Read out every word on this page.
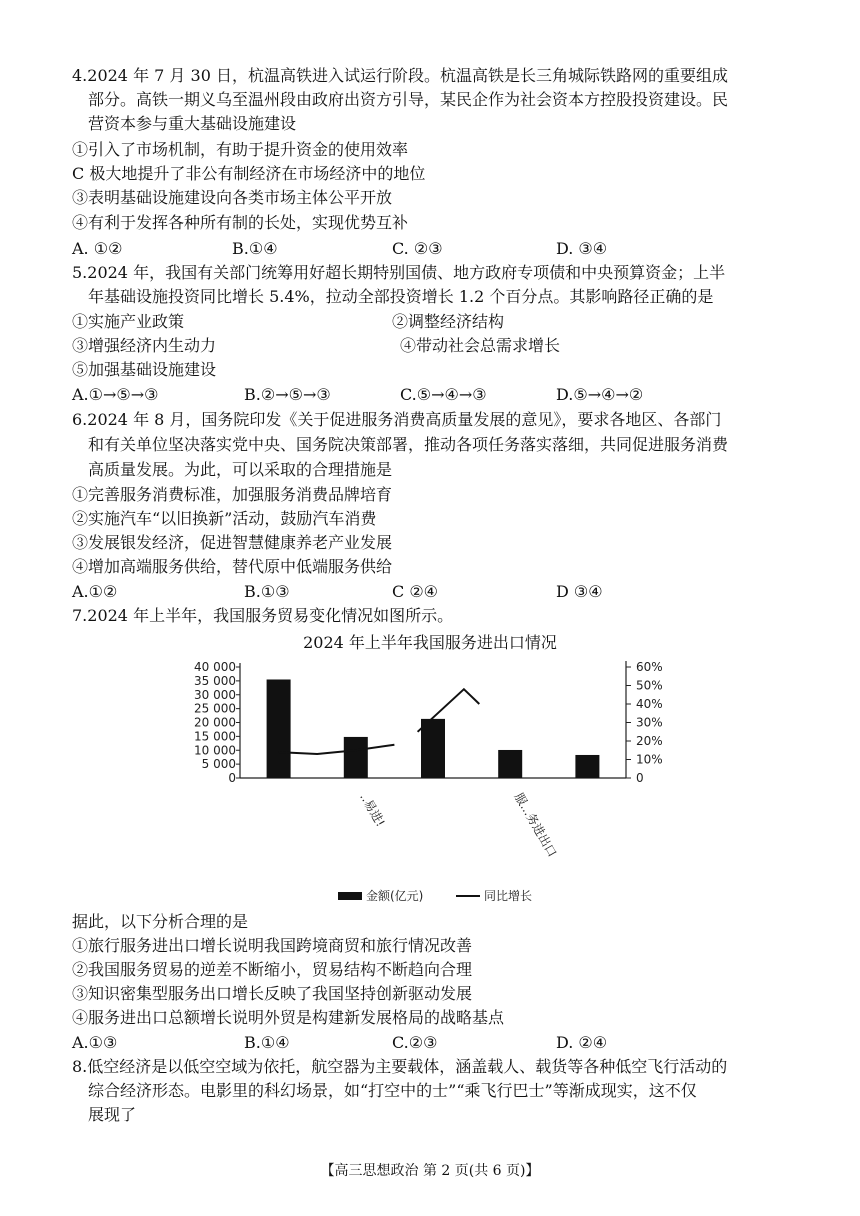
4.2024 年 7 月 30 日，杭温高铁进入试运行阶段。杭温高铁是长三角城际铁路网的重要组成
部分。高铁一期义乌至温州段由政府出资方引导，某民企作为社会资本方控股投资建设。民
营资本参与重大基础设施建设
①引入了市场机制，有助于提升资金的使用效率
C 极大地提升了非公有制经济在市场经济中的地位
③表明基础设施建设向各类市场主体公平开放
④有利于发挥各种所有制的长处，实现优势互补
A. ①②	B.①④	C. ②③	D. ③④
5.2024 年，我国有关部门统筹用好超长期特别国债、地方政府专项债和中央预算资金；上半
年基础设施投资同比增长 5.4%，拉动全部投资增长 1.2 个百分点。其影响路径正确的是
①实施产业政策	②调整经济结构
③增强经济内生动力	④带动社会总需求增长
⑤加强基础设施建设
A.①→⑤→③	B.②→⑤→③	C.⑤→④→③	D.⑤→④→②
6.2024 年 8 月，国务院印发《关于促进服务消费高质量发展的意见》，要求各地区、各部门
和有关单位坚决落实党中央、国务院决策部署，推动各项任务落实落细，共同促进服务消费
高质量发展。为此，可以采取的合理措施是
①完善服务消费标准，加强服务消费品牌培育
②实施汽车“以旧换新”活动，鼓励汽车消费
③发展银发经济，促进智慧健康养老产业发展
④增加高端服务供给，替代原中低端服务供给
A.①②	B.①③	C ②④	D ③④
7.2024 年上半年，我国服务贸易变化情况如图所示。
2024 年上半年我国服务进出口情况
40 000
35 000
30 000
25 000
20 000
15 000
10 000
5 000
0
60%
50%
40%
30%
20%
10%
0
..易进!	服...务进出口
金额(亿元)	同比增长
据此，以下分析合理的是
①旅行服务进出口增长说明我国跨境商贸和旅行情况改善
②我国服务贸易的逆差不断缩小，贸易结构不断趋向合理
③知识密集型服务出口增长反映了我国坚持创新驱动发展
④服务进出口总额增长说明外贸是构建新发展格局的战略基点
A.①③	B.①④	C.②③	D. ②④
8.低空经济是以低空空域为依托，航空器为主要载体，涵盖载人、载货等各种低空飞行活动的
综合经济形态。电影里的科幻场景，如“打空中的士”“乘飞行巴士”等渐成现实，这不仅
展现了
【高三思想政治 第 2 页(共 6 页)】
